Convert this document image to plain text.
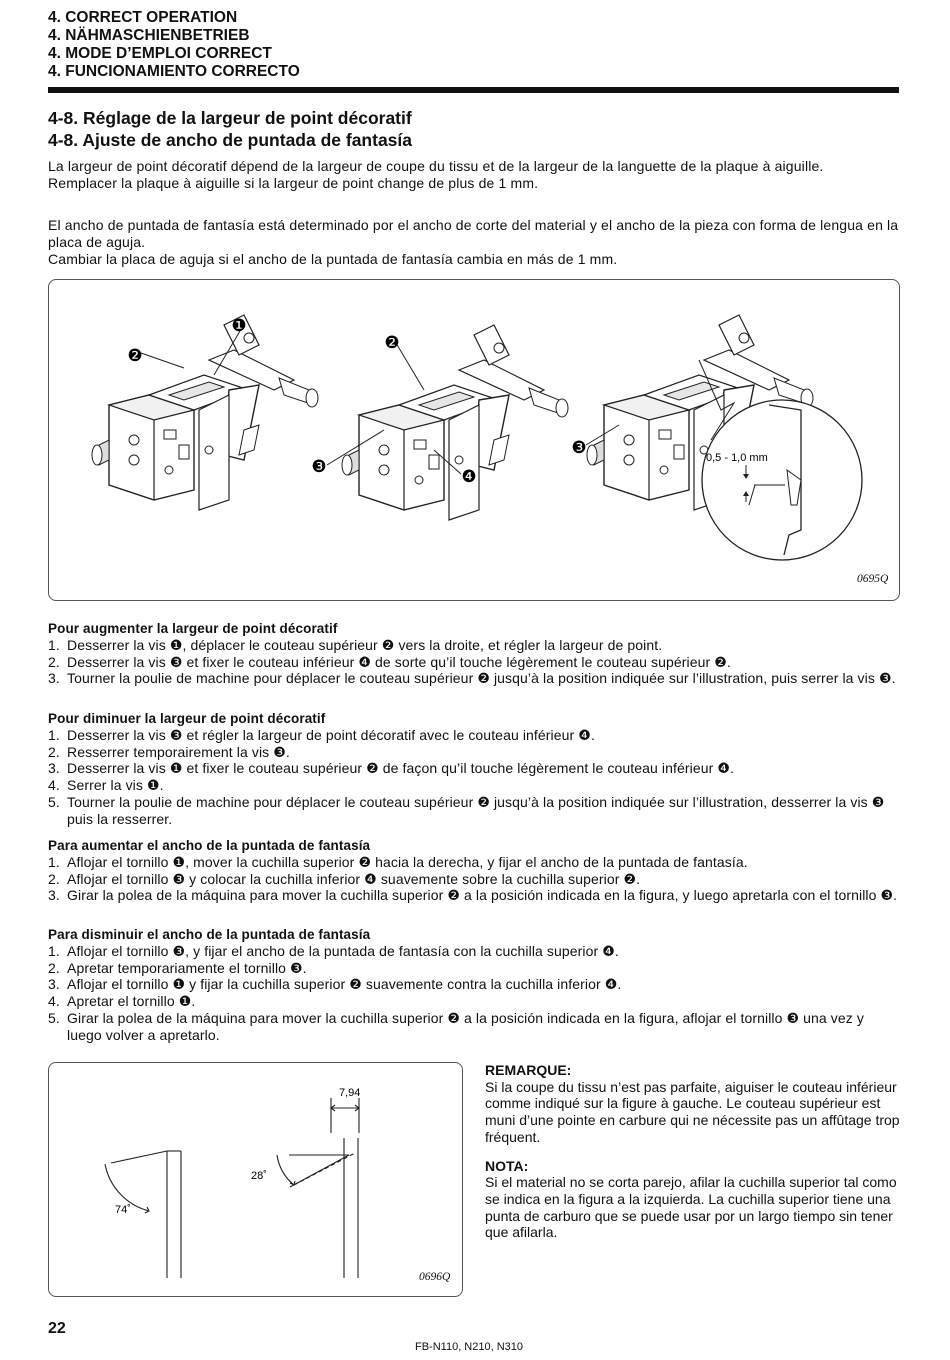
4. CORRECT OPERATION
4. NÄHMASCHIENBETRIEB
4. MODE D’EMPLOI CORRECT
4. FUNCIONAMIENTO CORRECTO
4-8. Réglage de la largeur de point décoratif
4-8. Ajuste de ancho de puntada de fantasía

La largeur de point décoratif dépend de la largeur de coupe du tissu et de la largeur de la languette de la plaque à aiguille.

Remplacer la plaque à aiguille si la largeur de point change de plus de 1 mm.

El ancho de puntada de fantasía está determinado por el ancho de corte del material y el ancho de la pieza con forma de lengua en la placa de aguja.

Cambiar la placa de aguja si el ancho de la puntada de fantasía cambia en más de 1 mm.

❶
❷
❷
❸
❹
❸
0,5 - 1,0 mm
0695Q
Pour augmenter la largeur de point décoratif
1. Desserrer la vis ❶, déplacer le couteau supérieur ❷ vers la droite, et régler la largeur de point.
2. Desserrer la vis ❸ et fixer le couteau inférieur ❹ de sorte qu’il touche légèrement le couteau supérieur ❷.
3. Tourner la poulie de machine pour déplacer le couteau supérieur ❷ jusqu’à la position indiquée sur l’illustration, puis serrer la vis ❸.
Pour diminuer la largeur de point décoratif
1. Desserrer la vis ❸ et régler la largeur de point décoratif avec le couteau inférieur ❹.
2. Resserrer temporairement la vis ❸.
3. Desserrer la vis ❶ et fixer le couteau supérieur ❷ de façon qu’il touche légèrement le couteau inférieur ❹.
4. Serrer la vis ❶.
5. Tourner la poulie de machine pour déplacer le couteau supérieur ❷ jusqu’à la position indiquée sur l’illustration, desserrer la vis ❸ puis la resserrer.
Para aumentar el ancho de la puntada de fantasía
1. Aflojar el tornillo ❶, mover la cuchilla superior ❷ hacia la derecha, y fijar el ancho de la puntada de fantasía.
2. Aflojar el tornillo ❸ y colocar la cuchilla inferior ❹ suavemente sobre la cuchilla superior ❷.
3. Girar la polea de la máquina para mover la cuchilla superior ❷ a la posición indicada en la figura, y luego apretarla con el tornillo ❸.
Para disminuir el ancho de la puntada de fantasía
1. Aflojar el tornillo ❸, y fijar el ancho de la puntada de fantasía con la cuchilla superior ❹.
2. Apretar temporariamente el tornillo ❸.
3. Aflojar el tornillo ❶ y fijar la cuchilla superior ❷ suavemente contra la cuchilla inferior ❹.
4. Apretar el tornillo ❶.
5. Girar la polea de la máquina para mover la cuchilla superior ❷ a la posición indicada en la figura, aflojar el tornillo ❸ una vez y luego volver a apretarlo.
74˚
28˚
7,94
0696Q
REMARQUE:

Si la coupe du tissu n’est pas parfaite, aiguiser le couteau inférieur comme indiqué sur la figure à gauche. Le couteau supérieur est muni d’une pointe en carbure qui ne nécessite pas un affûtage trop fréquent.

NOTA:

Si el material no se corta parejo, afilar la cuchilla superior tal como se indica en la figura a la izquierda. La cuchilla superior tiene una punta de carburo que se puede usar por un largo tiempo sin tener que afilarla.

22
FB-N110, N210, N310
